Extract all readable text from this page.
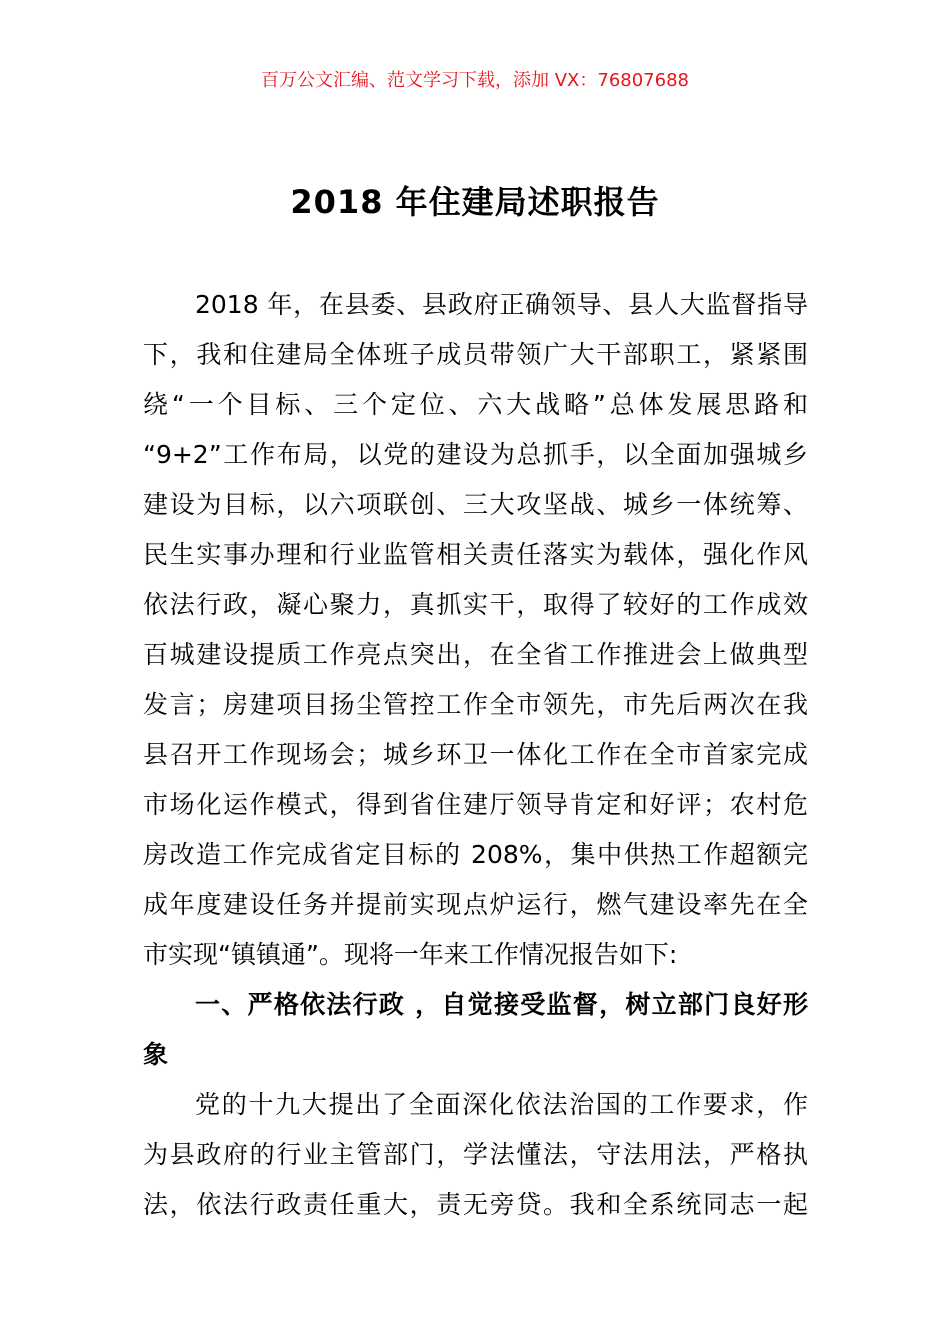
百万公文汇编、范文学习下载，添加 VX：76807688
2018 年住建局述职报告
2018 年，在县委、县政府正确领导、县人大监督指导
下，我和住建局全体班子成员带领广大干部职工，紧紧围
绕“一个目标、三个定位、六大战略”总体发展思路和
“9+2”工作布局，以党的建设为总抓手，以全面加强城乡
建设为目标，以六项联创、三大攻坚战、城乡一体统筹、
民生实事办理和行业监管相关责任落实为载体，强化作风
依法行政，凝心聚力，真抓实干，取得了较好的工作成效
百城建设提质工作亮点突出，在全省工作推进会上做典型
发言；房建项目扬尘管控工作全市领先，市先后两次在我
县召开工作现场会；城乡环卫一体化工作在全市首家完成
市场化运作模式，得到省住建厅领导肯定和好评；农村危
房改造工作完成省定目标的 208%，集中供热工作超额完
成年度建设任务并提前实现点炉运行，燃气建设率先在全
市实现“镇镇通”。现将一年来工作情况报告如下:
一、严格依法行政 ，自觉接受监督，树立部门良好形
象
党的十九大提出了全面深化依法治国的工作要求，作
为县政府的行业主管部门，学法懂法，守法用法，严格执
法，依法行政责任重大，责无旁贷。我和全系统同志一起
